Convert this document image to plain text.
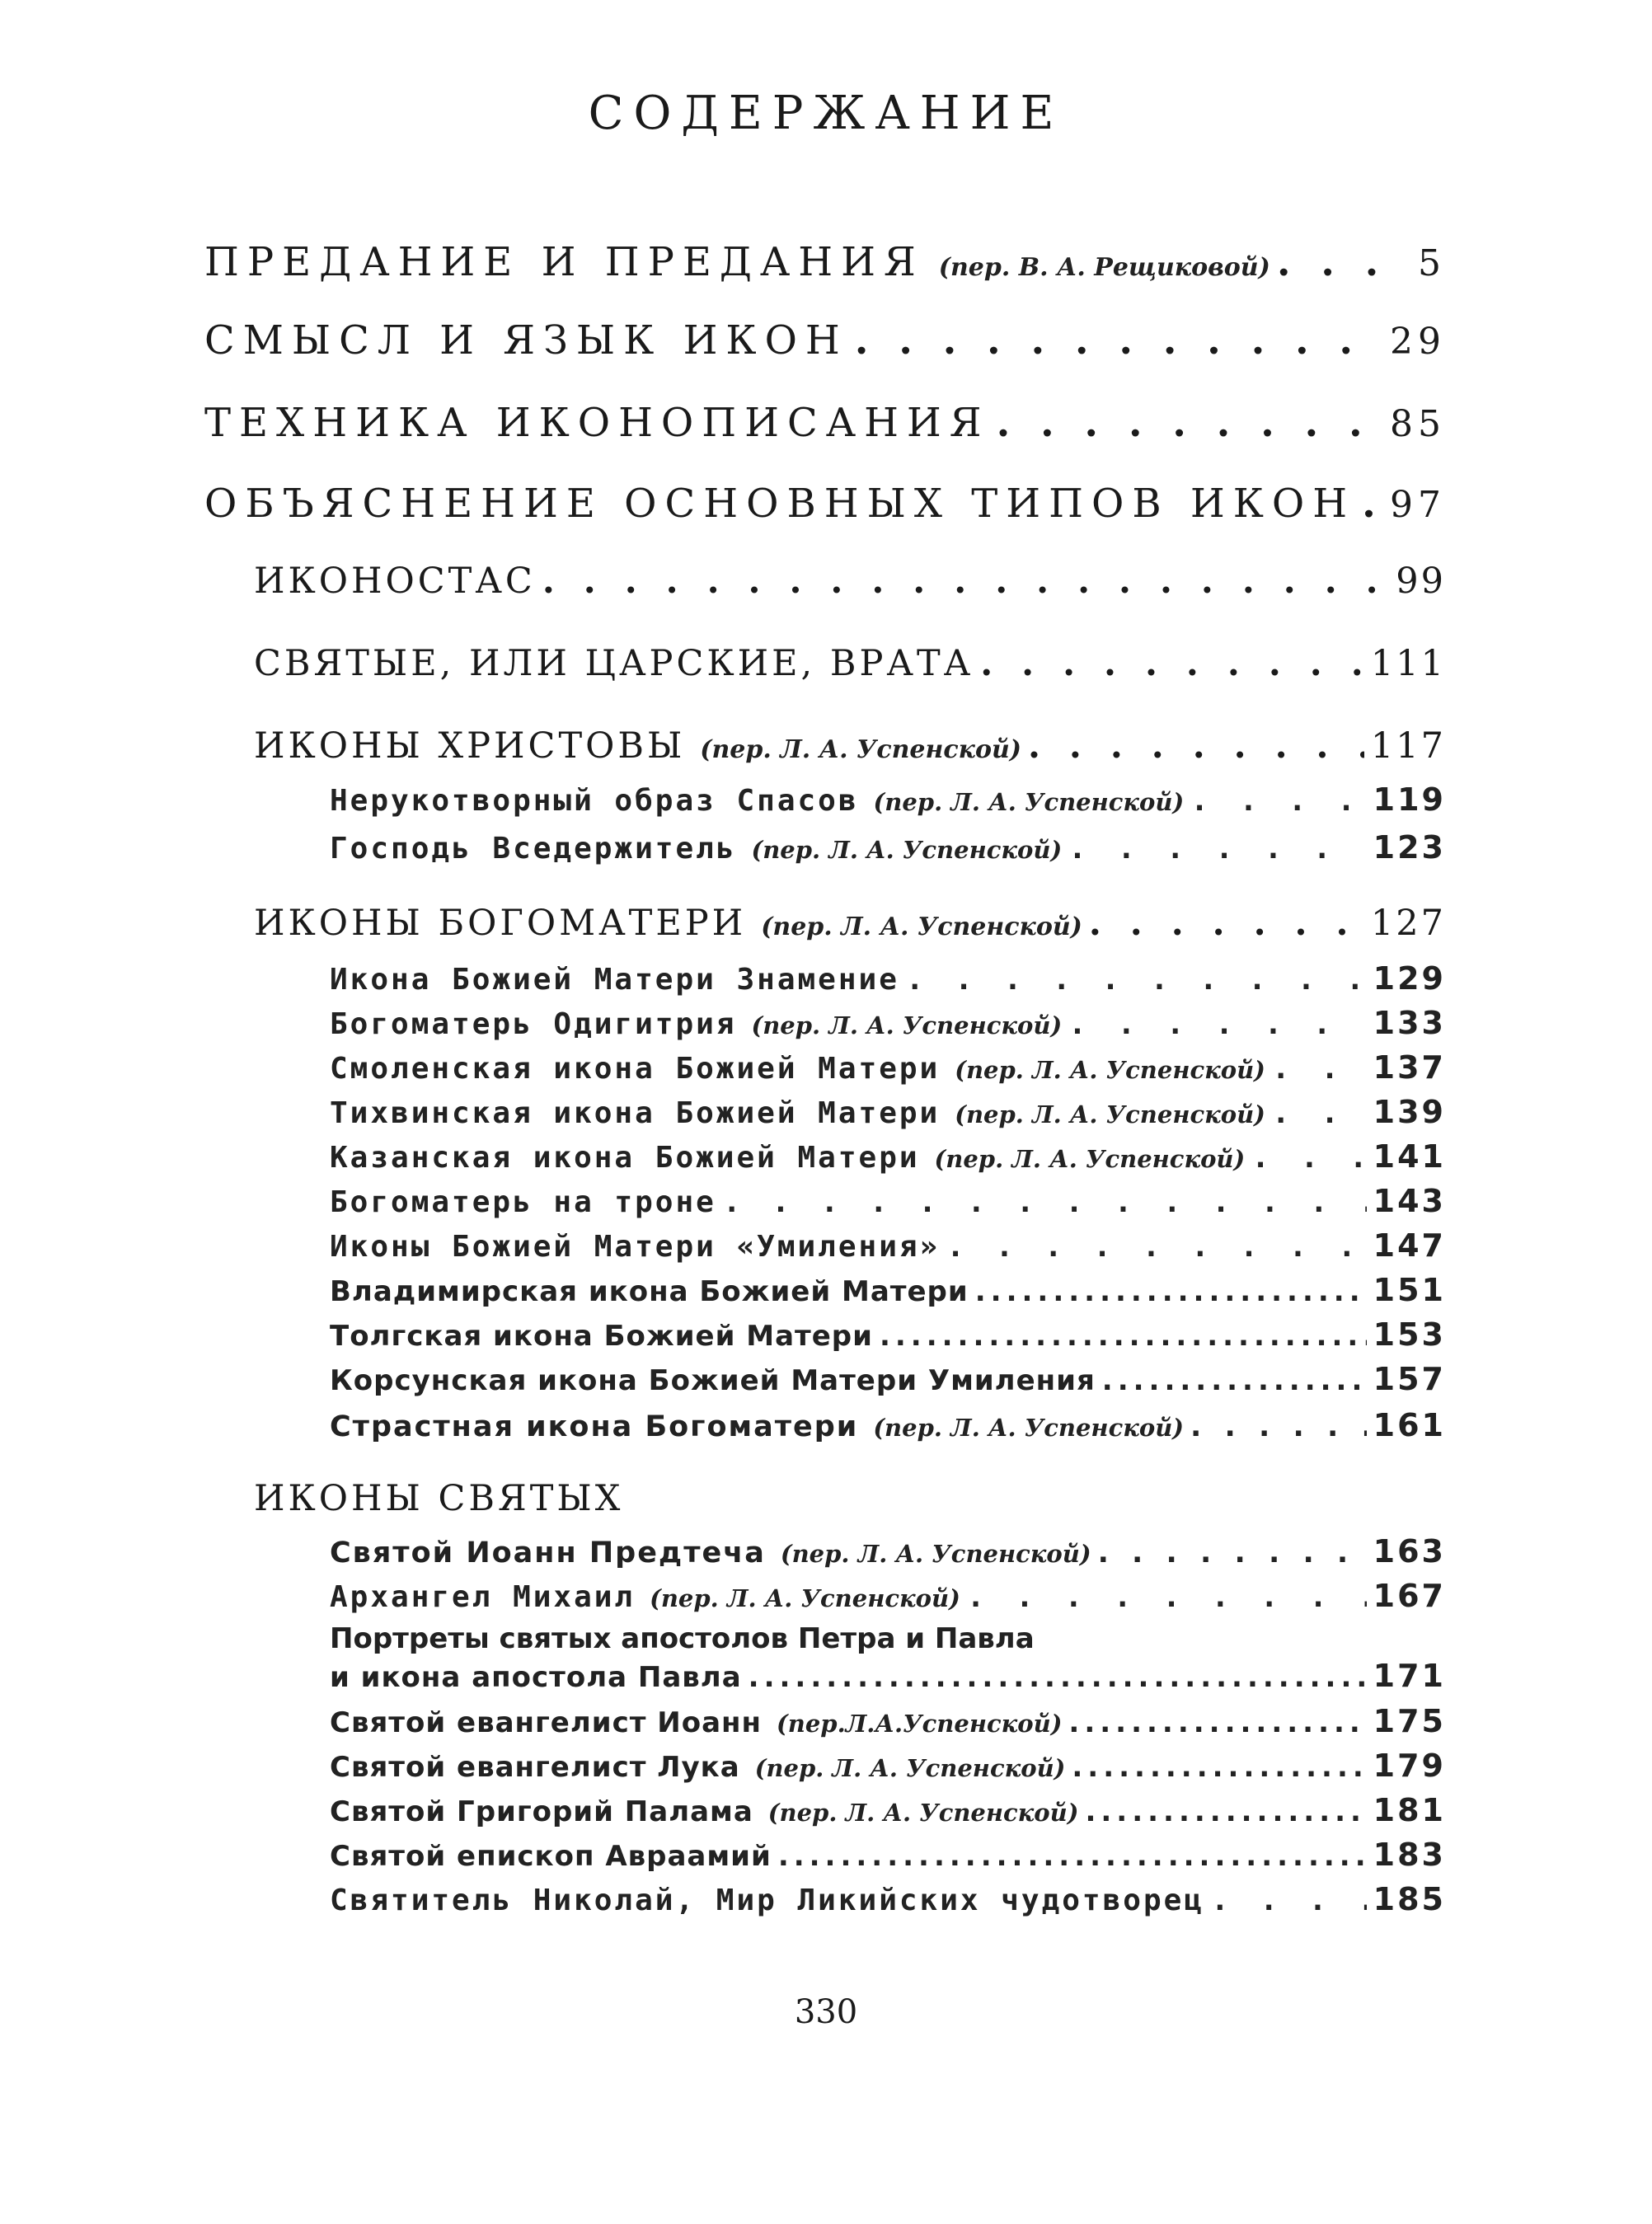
СОДЕРЖАНИЕ
ПРЕДАНИЕ И ПРЕДАНИЯ (пер. В. А. Рещиковой) . . .	5
СМЫСЛ И ЯЗЫК ИКОН . . .	29
ТЕХНИКА ИКОНОПИСАНИЯ . . .	85
ОБЪЯСНЕНИЕ ОСНОВНЫХ ТИПОВ ИКОН . . . 97
ИКОНОСТАС . . .	99
СВЯТЫЕ, ИЛИ ЦАРСКИЕ, ВРАТА . . .	111
ИКОНЫ ХРИСТОВЫ (пер. Л. А. Успенской) . . .	117
Нерукотворный образ Спасов (пер. Л. А. Успенской) . . .	119
Господь Вседержитель (пер. Л. А. Успенской) . . .	123
ИКОНЫ БОГОМАТЕРИ (пер. Л. А. Успенской) . . .	127
Икона Божией Матери Знамение . . .	129
Богоматерь Одигитрия (пер. Л. А. Успенской) . . .	133
Смоленская икона Божией Матери (пер. Л. А. Успенской) . . .	137
Тихвинская икона Божией Матери (пер. Л. А. Успенской) . . .	139
Казанская икона Божией Матери (пер. Л. А. Успенской) . . .	141
Богоматерь на троне . . .	143
Иконы Божией Матери «Умиления» . . .	147
Владимирская икона Божией Матери .....	151
Толгская икона Божией Матери .....	153
Корсунская икона Божией Матери Умиления .....	157
Страстная икона Богоматери (пер. Л. А. Успенской) . . .	161
ИКОНЫ СВЯТЫХ
Святой Иоанн Предтеча (пер. Л. А. Успенской) . . .	163
Архангел Михаил (пер. Л. А. Успенской) . . .	167
Портреты святых апостолов Петра и Павла
и икона апостола Павла .....	171
Святой евангелист Иоанн (пер.Л.А.Успенской) .....	175
Святой евангелист Лука (пер. Л. А. Успенской) .....	179
Святой Григорий Палама (пер. Л. А. Успенской) .....	181
Святой епископ Авраамий .....	183
Святитель Николай, Мир Ликийских чудотворец . . .	185
330
